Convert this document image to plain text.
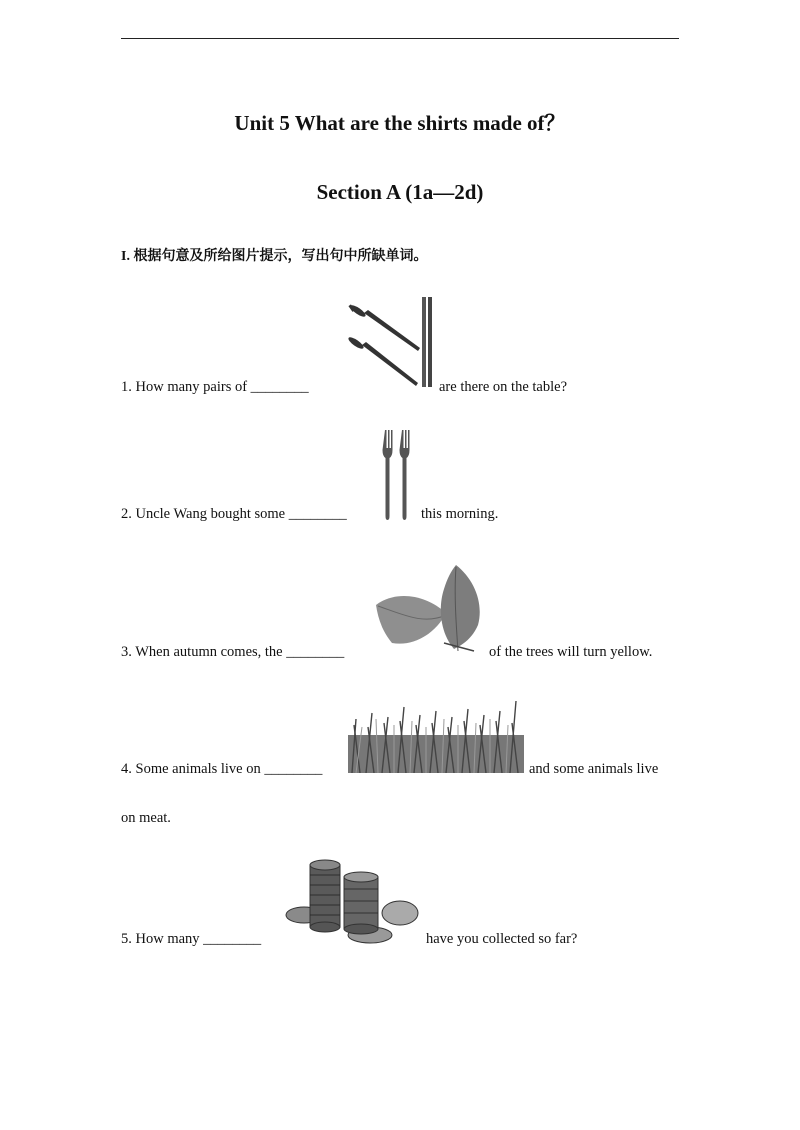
Unit 5 What are the shirts made of？
Section A (1a—2d)
I. 根据句意及所给图片提示，写出句中所缺单词。
1. How many pairs of ________	are there on the table?
2. Uncle Wang bought some ________	this morning.
3. When autumn comes, the ________	of the trees will turn yellow.
4. Some animals live on ________	and some animals live
on meat.
5. How many ________	have you collected so far?
